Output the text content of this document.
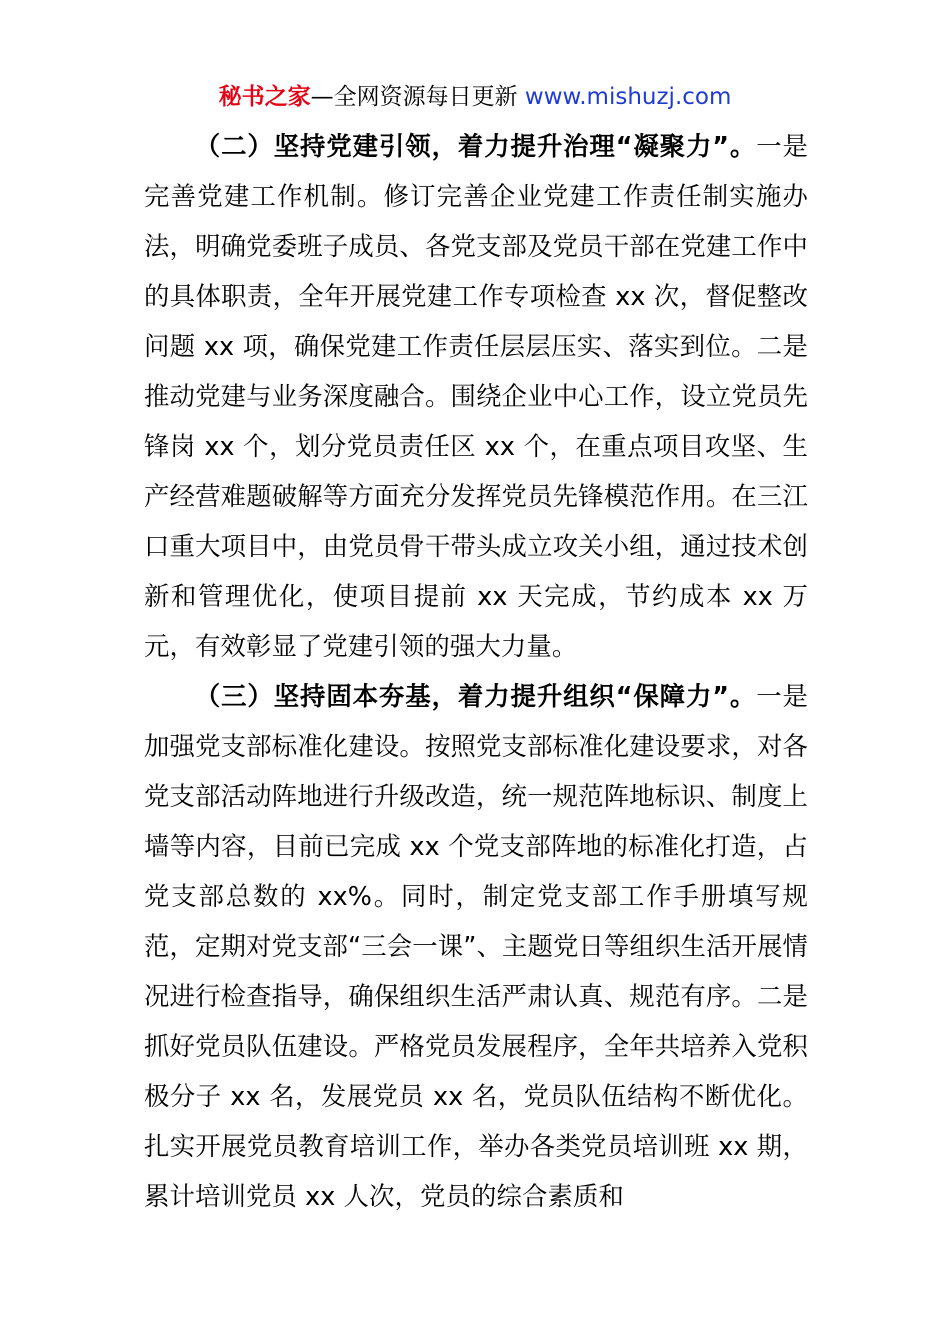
秘书之家—全网资源每日更新 www.mishuzj.com

（二）坚持党建引领，着力提升治理“凝聚力”。一是完善党建工作机制。修订完善企业党建工作责任制实施办法，明确党委班子成员、各党支部及党员干部在党建工作中的具体职责，全年开展党建工作专项检查 xx 次，督促整改问题 xx 项，确保党建工作责任层层压实、落实到位。二是推动党建与业务深度融合。围绕企业中心工作，设立党员先锋岗 xx 个，划分党员责任区 xx 个，在重点项目攻坚、生产经营难题破解等方面充分发挥党员先锋模范作用。在三江口重大项目中，由党员骨干带头成立攻关小组，通过技术创新和管理优化，使项目提前 xx 天完成，节约成本 xx 万元，有效彰显了党建引领的强大力量。

（三）坚持固本夯基，着力提升组织“保障力”。一是加强党支部标准化建设。按照党支部标准化建设要求，对各党支部活动阵地进行升级改造，统一规范阵地标识、制度上墙等内容，目前已完成 xx 个党支部阵地的标准化打造，占党支部总数的 xx%。同时，制定党支部工作手册填写规范，定期对党支部“三会一课”、主题党日等组织生活开展情况进行检查指导，确保组织生活严肃认真、规范有序。二是抓好党员队伍建设。严格党员发展程序，全年共培养入党积极分子 xx 名，发展党员 xx 名，党员队伍结构不断优化。扎实开展党员教育培训工作，举办各类党员培训班 xx 期，累计培训党员 xx 人次，党员的综合素质和
